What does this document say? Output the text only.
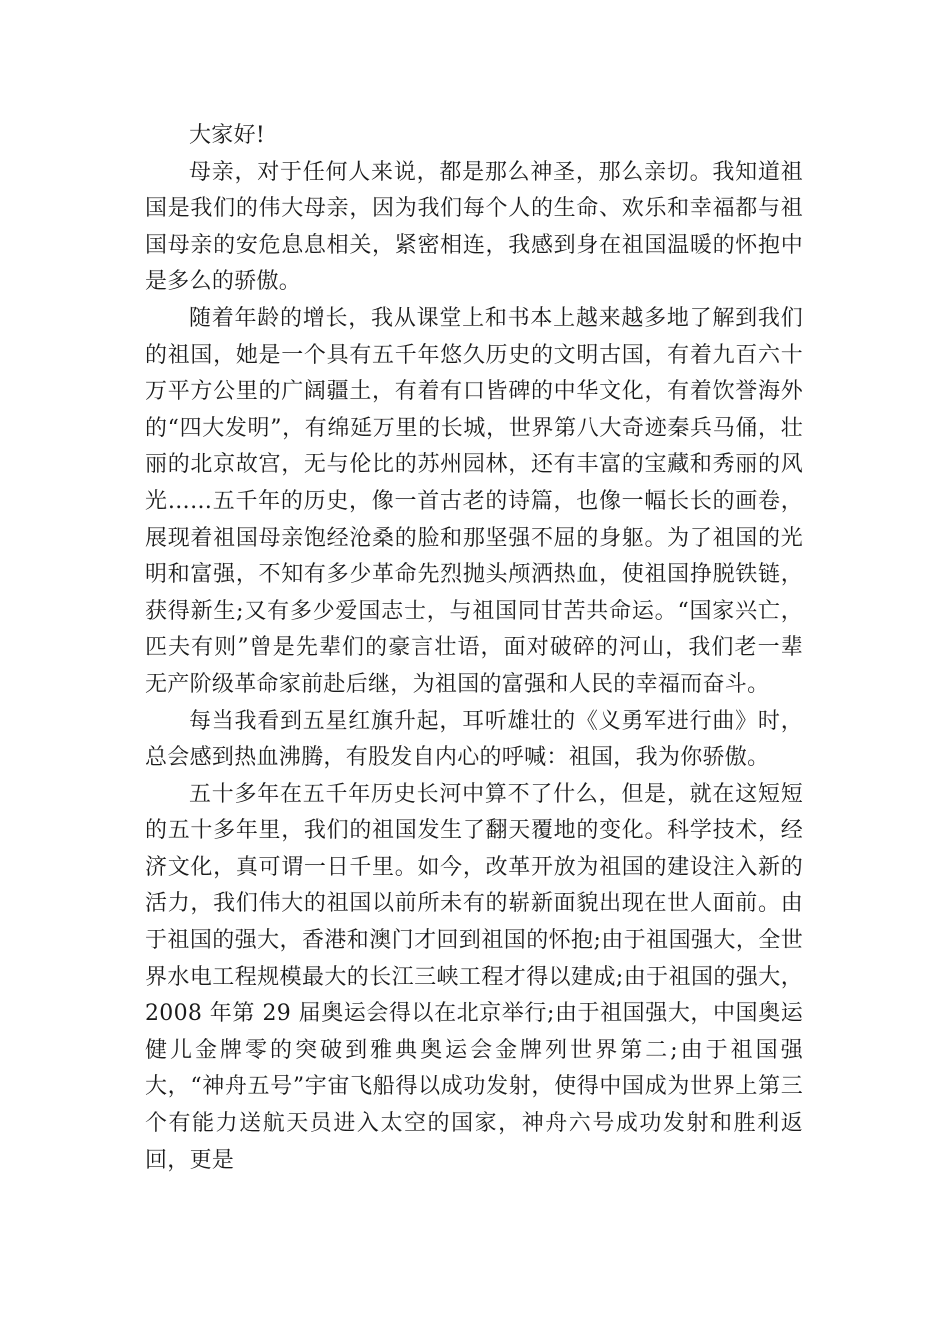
大家好!

母亲，对于任何人来说，都是那么神圣，那么亲切。我知道祖国是我们的伟大母亲，因为我们每个人的生命、欢乐和幸福都与祖国母亲的安危息息相关，紧密相连，我感到身在祖国温暖的怀抱中是多么的骄傲。

随着年龄的增长，我从课堂上和书本上越来越多地了解到我们的祖国，她是一个具有五千年悠久历史的文明古国，有着九百六十万平方公里的广阔疆土，有着有口皆碑的中华文化，有着饮誉海外的“四大发明”，有绵延万里的长城，世界第八大奇迹秦兵马俑，壮丽的北京故宫，无与伦比的苏州园林，还有丰富的宝藏和秀丽的风光……五千年的历史，像一首古老的诗篇，也像一幅长长的画卷，展现着祖国母亲饱经沧桑的脸和那坚强不屈的身躯。为了祖国的光明和富强，不知有多少革命先烈抛头颅洒热血，使祖国挣脱铁链，获得新生;又有多少爱国志士，与祖国同甘苦共命运。“国家兴亡，匹夫有则”曾是先辈们的豪言壮语，面对破碎的河山，我们老一辈无产阶级革命家前赴后继，为祖国的富强和人民的幸福而奋斗。

每当我看到五星红旗升起，耳听雄壮的《义勇军进行曲》时，总会感到热血沸腾，有股发自内心的呼喊：祖国，我为你骄傲。

五十多年在五千年历史长河中算不了什么，但是，就在这短短的五十多年里，我们的祖国发生了翻天覆地的变化。科学技术，经济文化，真可谓一日千里。如今，改革开放为祖国的建设注入新的活力，我们伟大的祖国以前所未有的崭新面貌出现在世人面前。由于祖国的强大，香港和澳门才回到祖国的怀抱;由于祖国强大，全世界水电工程规模最大的长江三峡工程才得以建成;由于祖国的强大，2008 年第 29 届奥运会得以在北京举行;由于祖国强大，中国奥运健儿金牌零的突破到雅典奥运会金牌列世界第二;由于祖国强大，“神舟五号”宇宙飞船得以成功发射，使得中国成为世界上第三个有能力送航天员进入太空的国家，神舟六号成功发射和胜利返回，更是
